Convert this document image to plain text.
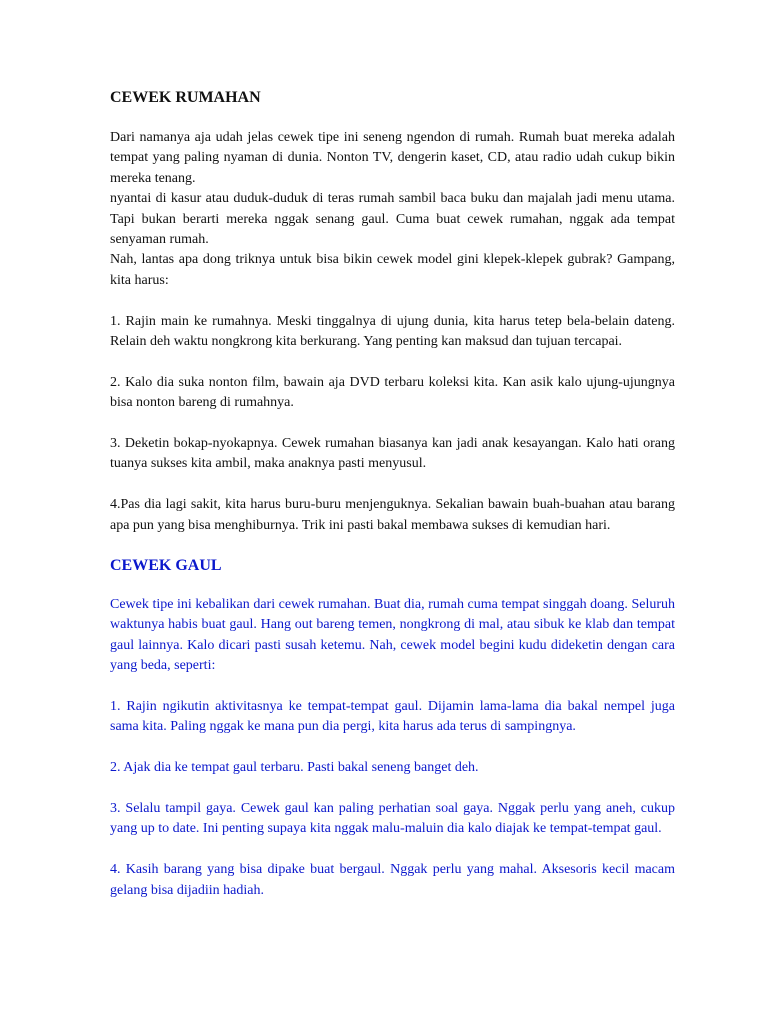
CEWEK RUMAHAN

Dari namanya aja udah jelas cewek tipe ini seneng ngendon di rumah. Rumah buat mereka adalah tempat yang paling nyaman di dunia. Nonton TV, dengerin kaset, CD, atau radio udah cukup bikin mereka tenang.

nyantai di kasur atau duduk-duduk di teras rumah sambil baca buku dan majalah jadi menu utama. Tapi bukan berarti mereka nggak senang gaul. Cuma buat cewek rumahan, nggak ada tempat senyaman rumah.

Nah, lantas apa dong triknya untuk bisa bikin cewek model gini klepek-klepek gubrak? Gampang, kita harus:

1. Rajin main ke rumahnya. Meski tinggalnya di ujung dunia, kita harus tetep bela-belain dateng. Relain deh waktu nongkrong kita berkurang. Yang penting kan maksud dan tujuan tercapai.

2. Kalo dia suka nonton film, bawain aja DVD terbaru koleksi kita. Kan asik kalo ujung-ujungnya bisa nonton bareng di rumahnya.

3. Deketin bokap-nyokapnya. Cewek rumahan biasanya kan jadi anak kesayangan. Kalo hati orang tuanya sukses kita ambil, maka anaknya pasti menyusul.

4.Pas dia lagi sakit, kita harus buru-buru menjenguknya. Sekalian bawain buah-buahan atau barang apa pun yang bisa menghiburnya. Trik ini pasti bakal membawa sukses di kemudian hari.

CEWEK GAUL

Cewek tipe ini kebalikan dari cewek rumahan. Buat dia, rumah cuma tempat singgah doang. Seluruh waktunya habis buat gaul. Hang out bareng temen, nongkrong di mal, atau sibuk ke klab dan tempat gaul lainnya. Kalo dicari pasti susah ketemu. Nah, cewek model begini kudu dideketin dengan cara yang beda, seperti:

1. Rajin ngikutin aktivitasnya ke tempat-tempat gaul. Dijamin lama-lama dia bakal nempel juga sama kita. Paling nggak ke mana pun dia pergi, kita harus ada terus di sampingnya.

2. Ajak dia ke tempat gaul terbaru. Pasti bakal seneng banget deh.

3. Selalu tampil gaya. Cewek gaul kan paling perhatian soal gaya. Nggak perlu yang aneh, cukup yang up to date. Ini penting supaya kita nggak malu-maluin dia kalo diajak ke tempat-tempat gaul.

4. Kasih barang yang bisa dipake buat bergaul. Nggak perlu yang mahal. Aksesoris kecil macam gelang bisa dijadiin hadiah.
